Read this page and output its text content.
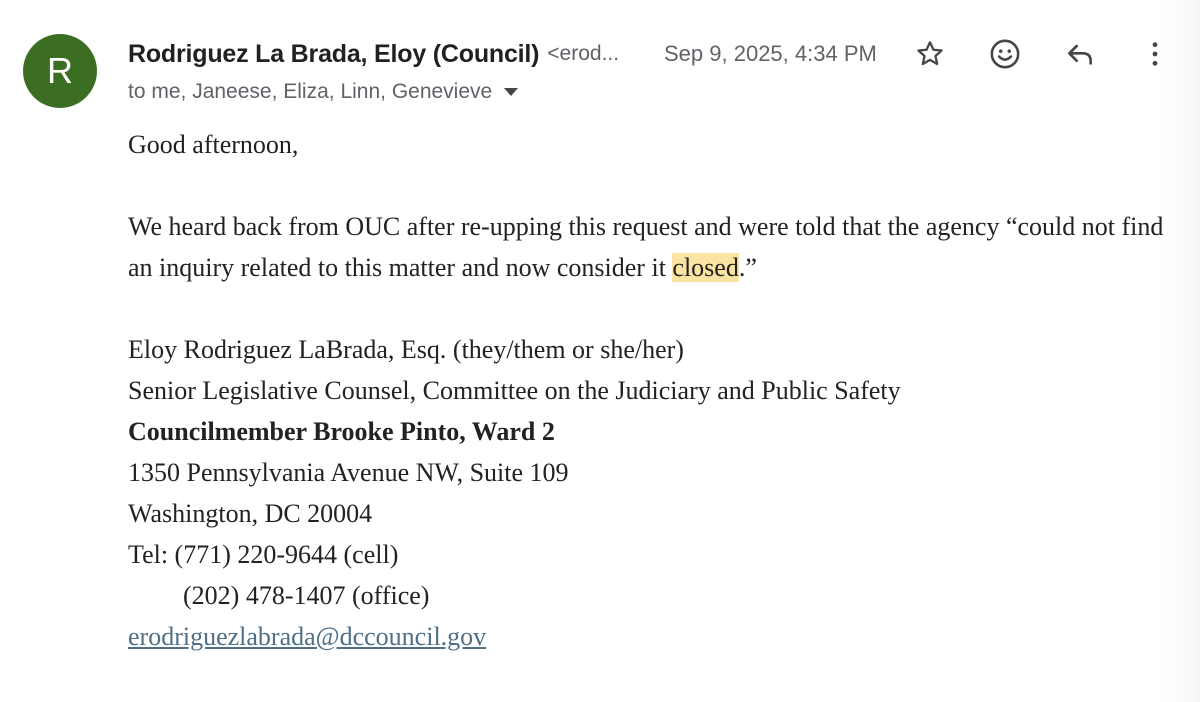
R Rodriguez La Brada, Eloy (Council) <erod... Sep 9, 2025, 4:34 PM
to me, Janeese, Eliza, Linn, Genevieve

Good afternoon,

We heard back from OUC after re-upping this request and were told that the agency “could not find an inquiry related to this matter and now consider it closed.”

Eloy Rodriguez LaBrada, Esq. (they/them or she/her)

Senior Legislative Counsel, Committee on the Judiciary and Public Safety

Councilmember Brooke Pinto, Ward 2

1350 Pennsylvania Avenue NW, Suite 109

Washington, DC 20004

Tel: (771) 220-9644 (cell)

(202) 478-1407 (office)

erodriguezlabrada@dccouncil.gov
